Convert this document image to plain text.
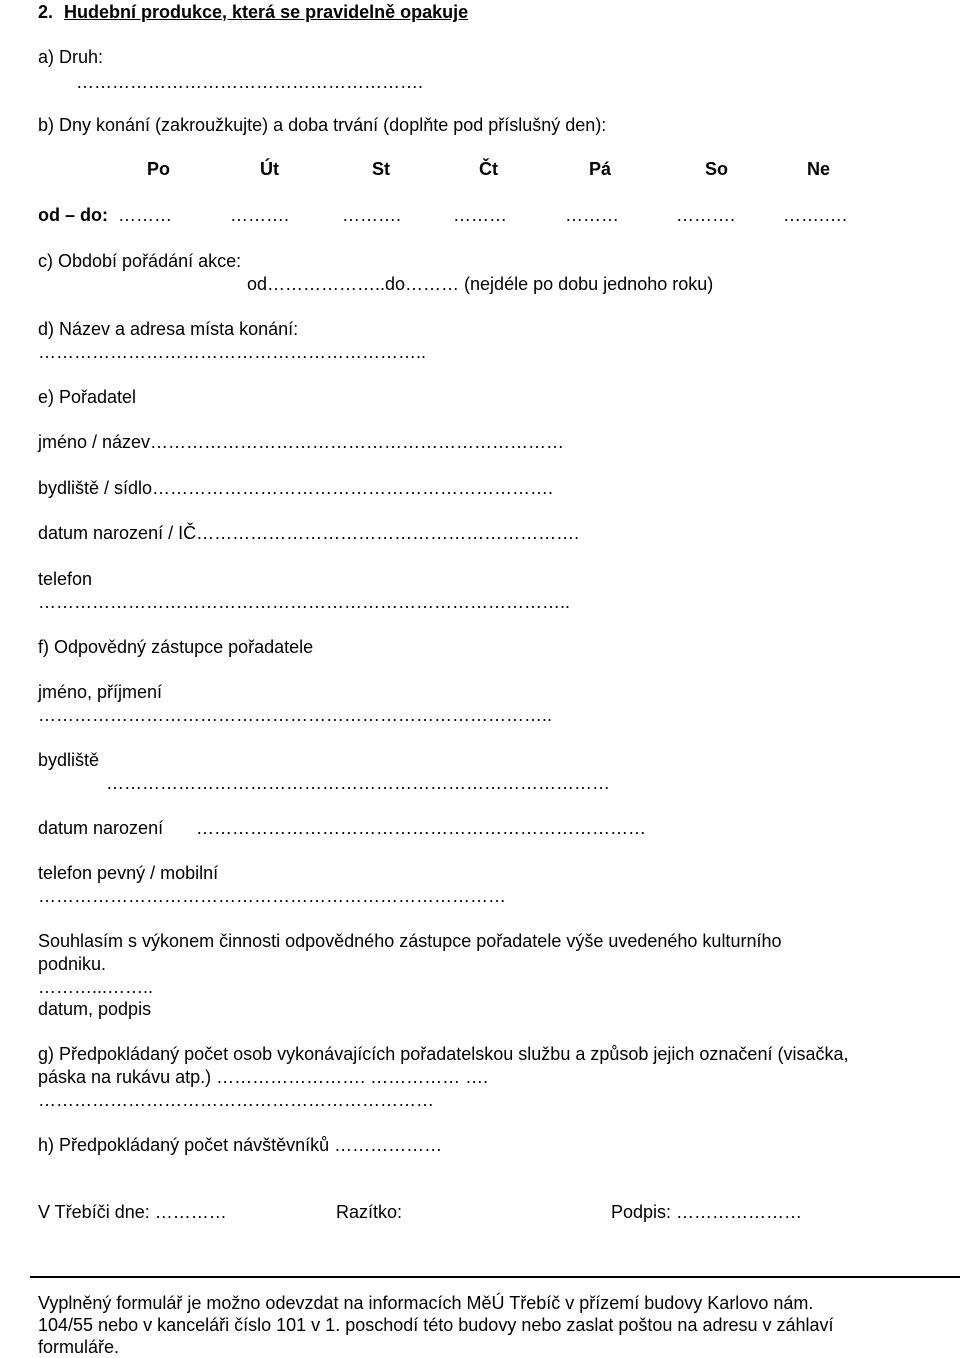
2. Hudební produkce, která se pravidelně opakuje
a) Druh:
………………………………………………….
b) Dny konání (zakroužkujte) a doba trvání (doplňte pod příslušný den):
Po	Út	St	Čt	Pá	So	Ne
od – do: ………	……….	……….	………	………	……….	…….….
c) Období pořádání akce:
od………………..do……… (nejdéle po dobu jednoho roku)
d) Název a adresa místa konání:
………………………………………………………..
e) Pořadatel
jméno / název……………………………………………………………
bydliště / sídlo………………………………………………………….
datum narození / IČ……………………………………………………….
telefon
……………………………………………………………………………..
f) Odpovědný zástupce pořadatele
jméno, příjmení
…………………………………………………………………………..
bydliště
…………………………………………………………………………
datum narození …………………………………………………………………
telefon pevný / mobilní
……………………………………………………………………
Souhlasím s výkonem činnosti odpovědného zástupce pořadatele výše uvedeného kulturního
podniku.
………...……..
datum, podpis
g) Předpokládaný počet osob vykonávajících pořadatelskou službu a způsob jejich označení (visačka,
páska na rukávu atp.) ……………………. …………… ….
…………………………………………………………
h) Předpokládaný počet návštěvníků ………………
V Třebíči dne: …………	Razítko:	Podpis: …………………
Vyplněný formulář je možno odevzdat na informacích MěÚ Třebíč v přízemí budovy Karlovo nám.
104/55 nebo v kanceláři číslo 101 v 1. poschodí této budovy nebo zaslat poštou na adresu v záhlaví
formuláře.
